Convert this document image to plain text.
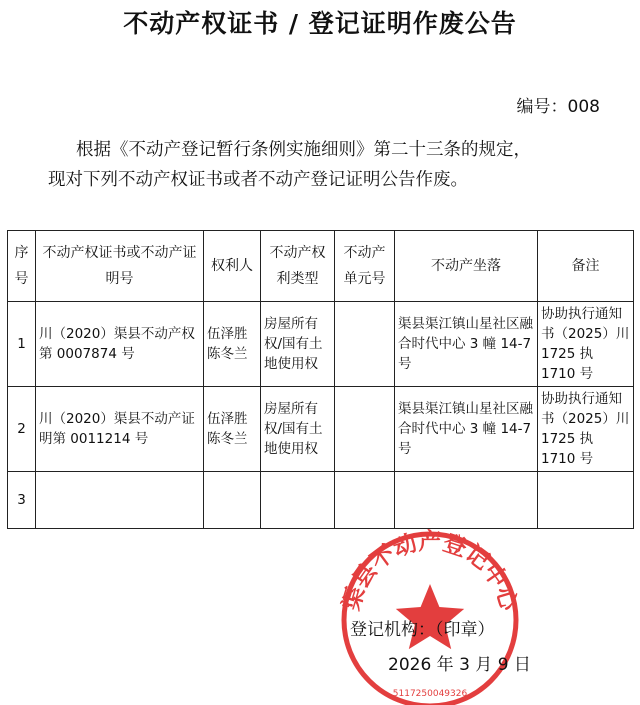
不动产权证书 / 登记证明作废公告
编号：008

根据《不动产登记暂行条例实施细则》第二十三条的规定，

现对下列不动产权证书或者不动产登记证明公告作废。

序号	不动产权证书或不动产证明号	权利人	不动产权利类型	不动产单元号	不动产坐落	备注
1	川（2020）渠县不动产权第 0007874 号	伍泽胜 陈冬兰	房屋所有权/国有土地使用权		渠县渠江镇山星社区融合时代中心 3 幢 14-7 号	协助执行通知书（2025）川 1725 执 1710 号
2	川（2020）渠县不动产证明第 0011214 号	伍泽胜 陈冬兰	房屋所有权/国有土地使用权		渠县渠江镇山星社区融合时代中心 3 幢 14-7 号	协助执行通知书（2025）川 1725 执 1710 号
3						
渠县不动产登记中心
5117250049326
登记机构：（印章）
2026 年 3 月 9 日
